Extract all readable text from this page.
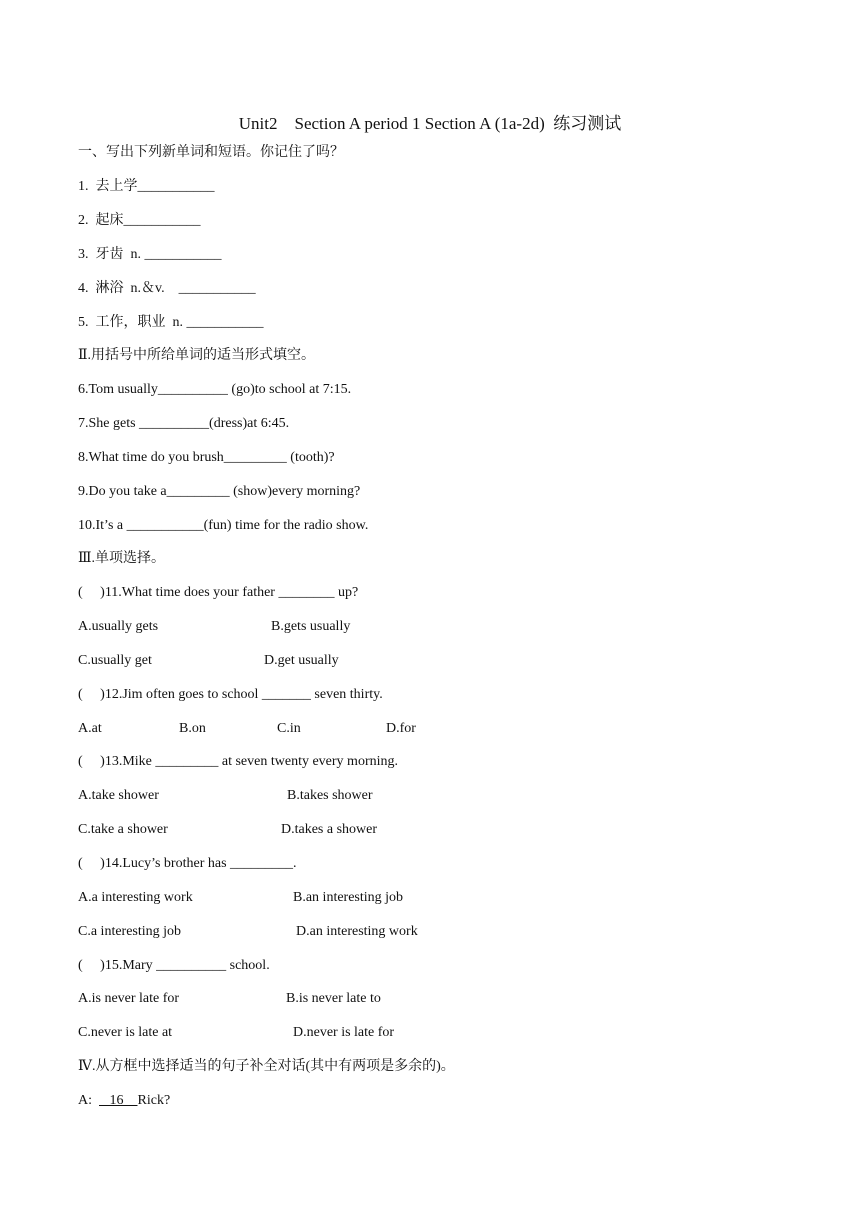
Unit2    Section A period 1 Section A (1a-2d)  练习测试
一、写出下列新单词和短语。你记住了吗？
1.  去上学___________
2.  起床___________
3.  牙齿  n. ___________
4.  淋浴  n.＆v.    ___________
5.  工作，职业  n. ___________
Ⅱ.用括号中所给单词的适当形式填空。
6.Tom usually__________ (go)to school at 7:15.
7.She gets __________(dress)at 6:45.
8.What time do you brush_________ (tooth)?
9.Do you take a_________ (show)every morning?
10.It’s a ___________(fun) time for the radio show.
Ⅲ.单项选择。
(     )11.What time does your father ________ up?
A.usually gets	B.gets usually
C.usually get	D.get usually
(     )12.Jim often goes to school _______ seven thirty.
A.at	B.on	C.in	D.for
(     )13.Mike _________ at seven twenty every morning.
A.take shower	B.takes shower
C.take a shower	D.takes a shower
(     )14.Lucy’s brother has _________.
A.a interesting work	B.an interesting job
C.a interesting job	D.an interesting work
(     )15.Mary __________ school.
A.is never late for	B.is never late to
C.never is late at	D.never is late for
Ⅳ.从方框中选择适当的句子补全对话(其中有两项是多余的)。
A:     16    Rick?
